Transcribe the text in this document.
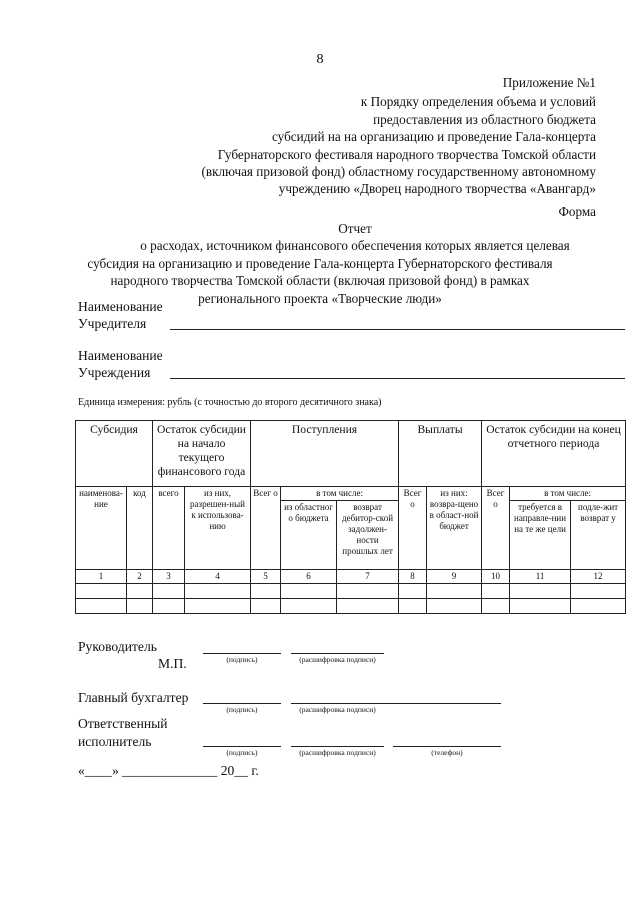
8
Приложение №1
к Порядку определения объема и условий
предоставления из областного бюджета
субсидий на на организацию и проведение Гала-концерта
Губернаторского фестиваля народного творчества Томской области
(включая призовой фонд) областному государственному автономному
учреждению «Дворец народного творчества «Авангард»
Форма
Отчет
о расходах, источником финансового обеспечения которых является целевая
субсидия на организацию и проведение Гала-концерта Губернаторского фестиваля
народного творчества Томской области (включая призовой фонд) в рамках
регионального проекта «Творческие люди»
Наименование
Учредителя
Наименование
Учреждения
Единица измерения: рубль (с точностью до второго десятичного знака)
Субсидия		Остаток субсидии на начало текущего финансового года		Поступления			Выплаты		Остаток субсидии на конец отчетного периода		
наименова-ние	код	всего	из них, разрешен-ный к использова-нию	Всег о	в том числе:		Всег о	из них: возвра-щено в област-ной бюджет	Всег о	в том числе:	
					из областног о бюджета	возврат дебитор-ской задолжен-ности прошлых лет				требуется в направле-нии на те же цели	подле-жит возврат у
1	2	3	4	5	6	7	8	9	10	11	12

Руководитель
(подпись)	(расшифровка подписи)
М.П.
Главный бухгалтер
(подпись)	(расшифровка подписи)
Ответственный
исполнитель
(подпись)	(расшифровка подписи)	(телефон)
«____» ______________ 20__ г.
